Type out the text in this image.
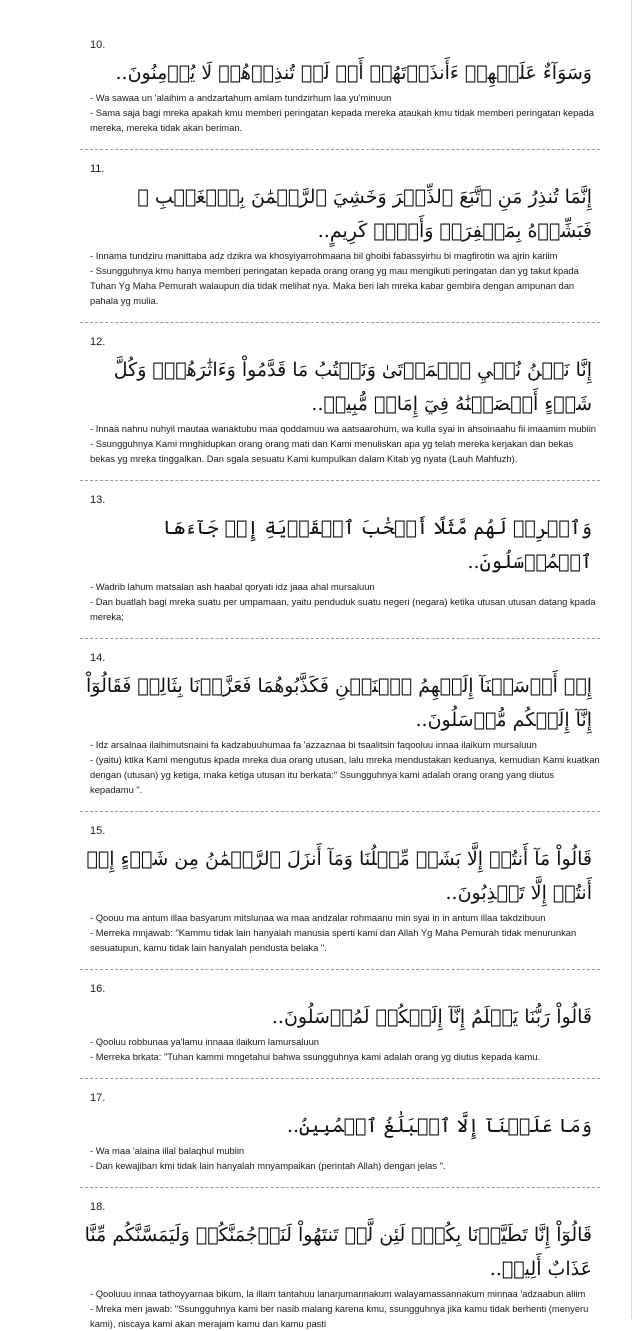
10.
وَسَوَآءٌ عَلَيۡهِمۡ ءَأَنذَرۡتَهُمۡ أَمۡ لَمۡ تُنذِرۡهُمۡ لَا يُؤۡمِنُونَ..
- Wa sawaa un 'alaihim a andzartahum amlam tundzirhum laa yu'minuun
- Sama saja bagi mreka apakah kmu memberi peringatan kepada mereka ataukah kmu tidak memberi peringatan kepada mereka, mereka tidak akan beriman.
11.
إِنَّمَا تُنذِرُ مَنِ ٱتَّبَعَ ٱلذِّكۡرَ وَخَشِيَ ٱلرَّحۡمَٰنَ بِٱلۡغَيۡبِ ۖ فَبَشِّرۡهُ بِمَغۡفِرَةٖ وَأَجۡرٖ كَرِيمٍ..
- Innama tundziru manittaba adz dzikra wa khosyiyarrohmaana bil ghoibi fabassyirhu bi magfirotin wa ajrin kariim
- Ssungguhnya kmu hanya memberi peringatan kepada orang orang yg mau mengikuti peringatan dan yg takut kpada Tuhan Yg Maha Pemurah walaupun dia tidak melihat nya. Maka beri lah mreka kabar gembira dengan ampunan dan pahala yg mulia.
12.
إِنَّا نَحۡنُ نُحۡيِ ٱلۡمَوۡتَىٰ وَنَكۡتُبُ مَا قَدَّمُواْ وَءَاثَٰرَهُمۡۚ وَكُلَّ شَيۡءٍ أَحۡصَيۡنَٰهُ فِيٓ إِمَامٖ مُّبِينٖ..
- Innaa nahnu nuhyil mautaa wanaktubu maa qoddamuu wa aatsaarohum, wa kulla syai in ahsoinaahu fii imaamim mubiin
- Ssungguhnya Kami mnghidupkan orang orang mati dan Kami menuliskan apa yg telah mereka kerjakan dan bekas bekas yg mreka tinggalkan. Dan sgala sesuatu Kami kumpulkan dalam Kitab yg nyata (Lauh Mahfuzh).
13.
وَٱضۡرِبۡ لَهُم مَّثَلًا أَصۡحَٰبَ ٱلۡقَرۡيَةِ إِذۡ جَآءَهَا ٱلۡمُرۡسَلُونَ..
- Wadrib lahum matsalan ash haabal qoryati idz jaaa ahal mursaluun
- Dan buatlah bagi mreka suatu per umpamaan, yaitu penduduk suatu negeri (negara) ketika utusan utusan datang kpada mereka;
14.
إِذۡ أَرۡسَلۡنَآ إِلَيۡهِمُ ٱثۡنَيۡنِ فَكَذَّبُوهُمَا فَعَزَّزۡنَا بِثَالِثٖ فَقَالُوٓاْ إِنَّآ إِلَيۡكُم مُّرۡسَلُونَ..
- Idz arsalnaa ilaihimutsnaini fa kadzabuuhumaa fa 'azzaznaa bi tsaalitsin faqooluu innaa ilaikum mursaluun
- (yaitu) ktika Kami mengutus kpada mreka dua orang utusan, lalu mreka mendustakan keduanya, kemudian Kami kuatkan dengan (utusan) yg ketiga, maka ketiga utusan itu berkata:" Ssungguhnya kami adalah orang orang yang diutus kepadamu ".
15.
قَالُواْ مَآ أَنتُمۡ إِلَّا بَشَرٞ مِّثۡلُنَا وَمَآ أَنزَلَ ٱلرَّحۡمَٰنُ مِن شَيۡءٍ إِنۡ أَنتُمۡ إِلَّا تَكۡذِبُونَ..
- Qoouu ma antum illaa basyarum mitslunaa wa maa andzalar rohmaanu min syai in in antum illaa takdzibuun
- Merreka mnjawab: "Kammu tidak lain hanyalah manusia sperti kami dan Allah Yg Maha Pemurah tidak menurunkan sesuatupun, kamu tidak lain hanyalah pendusta belaka ".
16.
قَالُواْ رَبُّنَا يَعۡلَمُ إِنَّآ إِلَيۡكُمۡ لَمُرۡسَلُونَ..
- Qooluu robbunaa ya'lamu innaaa ilaikum lamursaluun
- Merreka brkata: "Tuhan kammi mngetahui bahwa ssungguhnya kami adalah orang yg diutus kepada kamu.
17.
وَمَا عَلَيۡنَآ إِلَّا ٱلۡبَلَٰغُ ٱلۡمُبِينُ..
- Wa maa 'alaina illal balaqhul mubiin
- Dan kewajiban kmi tidak lain hanyalah mnyampaikan (perintah Allah) dengan jelas ".
18.
قَالُوٓاْ إِنَّا تَطَيَّرۡنَا بِكُمۡۖ لَئِن لَّمۡ تَنتَهُواْ لَنَرۡجُمَنَّكُمۡ وَلَيَمَسَّنَّكُم مِّنَّا عَذَابٌ أَلِيمٞ..
- Qooluuu innaa tathoyyarnaa bikum, la illam tantahuu lanarjumannakum walayamassannakum minnaa 'adzaabun aliim
- Mreka men jawab: "Ssungguhnya kami ber nasib malang karena kmu, ssungguhnya jika kamu tidak berhenti (menyeru kami), niscaya kami akan merajam kamu dan kamu pasti
